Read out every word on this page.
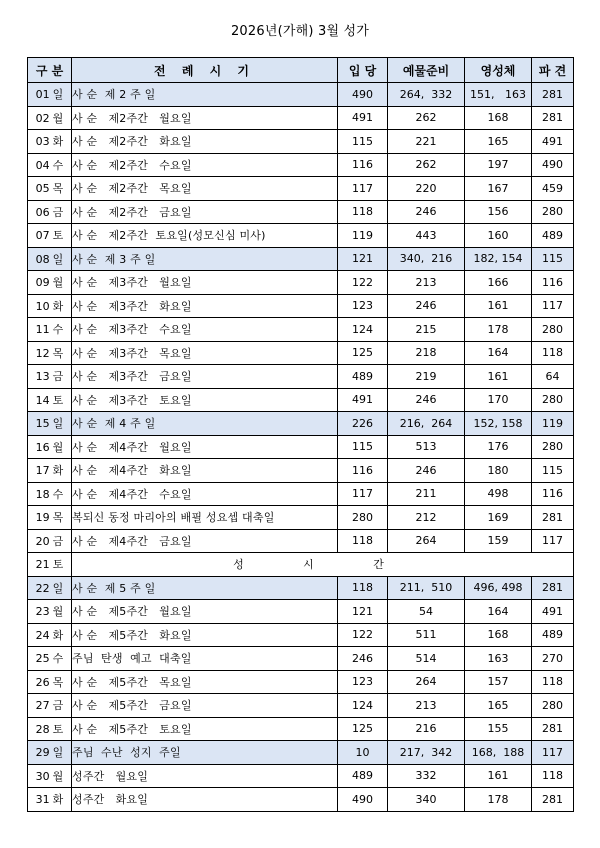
2026년(가해) 3월 성가
구 분	전 례 시 기	입 당	예물준비	영성체	파 견
01 일	사 순  제 2 주 일	490	264,  332	151,   163	281
02 월	사 순   제2주간   월요일	491	262	168	281
03 화	사 순   제2주간   화요일	115	221	165	491
04 수	사 순   제2주간   수요일	116	262	197	490
05 목	사 순   제2주간   목요일	117	220	167	459
06 금	사 순   제2주간   금요일	118	246	156	280
07 토	사 순   제2주간  토요일(성모신심 미사)	119	443	160	489
08 일	사 순  제 3 주 일	121	340,  216	182, 154	115
09 월	사 순   제3주간   월요일	122	213	166	116
10 화	사 순   제3주간   화요일	123	246	161	117
11 수	사 순   제3주간   수요일	124	215	178	280
12 목	사 순   제3주간   목요일	125	218	164	118
13 금	사 순   제3주간   금요일	489	219	161	64
14 토	사 순   제3주간   토요일	491	246	170	280
15 일	사 순  제 4 주 일	226	216,  264	152, 158	119
16 월	사 순   제4주간   월요일	115	513	176	280
17 화	사 순   제4주간   화요일	116	246	180	115
18 수	사 순   제4주간   수요일	117	211	498	116
19 목	복되신 동정 마리아의 배필 성요셉 대축일	280	212	169	281
20 금	사 순   제4주간   금요일	118	264	159	117
21 토	성 시 간				
22 일	사 순  제 5 주 일	118	211,  510	496, 498	281
23 월	사 순   제5주간   월요일	121	54	164	491
24 화	사 순   제5주간   화요일	122	511	168	489
25 수	주님  탄생  예고  대축일	246	514	163	270
26 목	사 순   제5주간   목요일	123	264	157	118
27 금	사 순   제5주간   금요일	124	213	165	280
28 토	사 순   제5주간   토요일	125	216	155	281
29 일	주님  수난  성지  주일	10	217,  342	168,  188	117
30 월	성주간   월요일	489	332	161	118
31 화	성주간   화요일	490	340	178	281
